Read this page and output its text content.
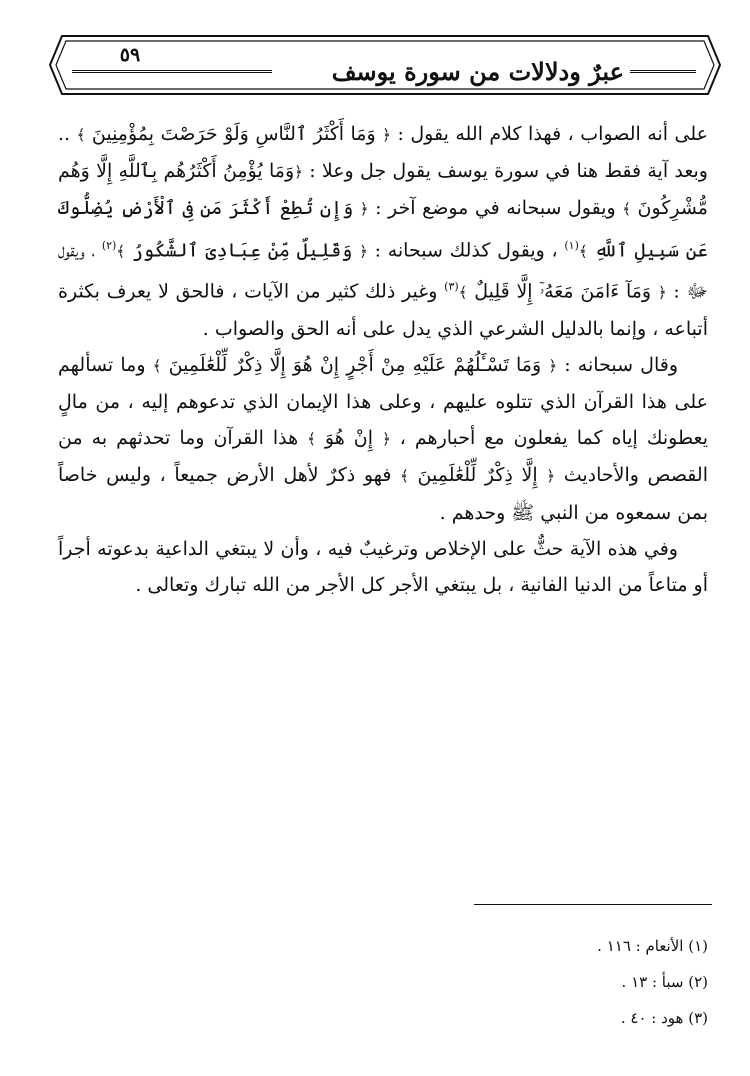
٥٩
عبرٌ ودلالات من سورة يوسف

على أنه الصواب ، فهذا كلام الله يقول : ﴿ وَمَا أَكْثَرُ ٱلنَّاسِ وَلَوْ حَرَصْتَ بِمُؤْمِنِينَ ﴾ .. وبعد آية فقط هنا في سورة يوسف يقول جل وعلا : ﴿وَمَا يُؤْمِنُ أَكْثَرُهُم بِٱللَّهِ إِلَّا وَهُم مُّشْرِكُونَ ﴾ ويقول سبحانه في موضع آخر : ﴿ وَإِن تُطِعْ أَكْثَرَ مَن فِى ٱلْأَرْضِ يُضِلُّوكَ عَن سَبِيلِ ٱللَّهِ ﴾$^{(١)}$ ، ويقول كذلك سبحانه : ﴿ وَقَلِيلٌ مِّنْ عِبَادِىَ ٱلشَّكُورُ ﴾$^{(٢)}$ ، ويقول ﷻ : ﴿ وَمَآ ءَامَنَ مَعَهُۥٓ إِلَّا قَلِيلٌ ﴾$^{(٣)}$ وغير ذلك كثير من الآيات ، فالحق لا يعرف بكثرة أتباعه ، وإنما بالدليل الشرعي الذي يدل على أنه الحق والصواب .

وقال سبحانه : ﴿ وَمَا تَسْـَٔلُهُمْ عَلَيْهِ مِنْ أَجْرٍ إِنْ هُوَ إِلَّا ذِكْرٌ لِّلْعَٰلَمِينَ ﴾ وما تسألهم على هذا القرآن الذي تتلوه عليهم ، وعلى هذا الإيمان الذي تدعوهم إليه ، من مالٍ يعطونك إياه كما يفعلون مع أحبارهم ، ﴿ إِنْ هُوَ ﴾ هذا القرآن وما تحدثهم به من القصص والأحاديث ﴿ إِلَّا ذِكْرٌ لِّلْعَٰلَمِينَ ﴾ فهو ذكرٌ لأهل الأرض جميعاً ، وليس خاصاً بمن سمعوه من النبي ﷺ وحدهم .

وفي هذه الآية حثٌّ على الإخلاص وترغيبٌ فيه ، وأن لا يبتغي الداعية بدعوته أجراً أو متاعاً من الدنيا الفانية ، بل يبتغي الأجر كل الأجر من الله تبارك وتعالى .

(١) الأنعام : ١١٦ .
(٢) سبأ : ١٣ .
(٣) هود : ٤٠ .
